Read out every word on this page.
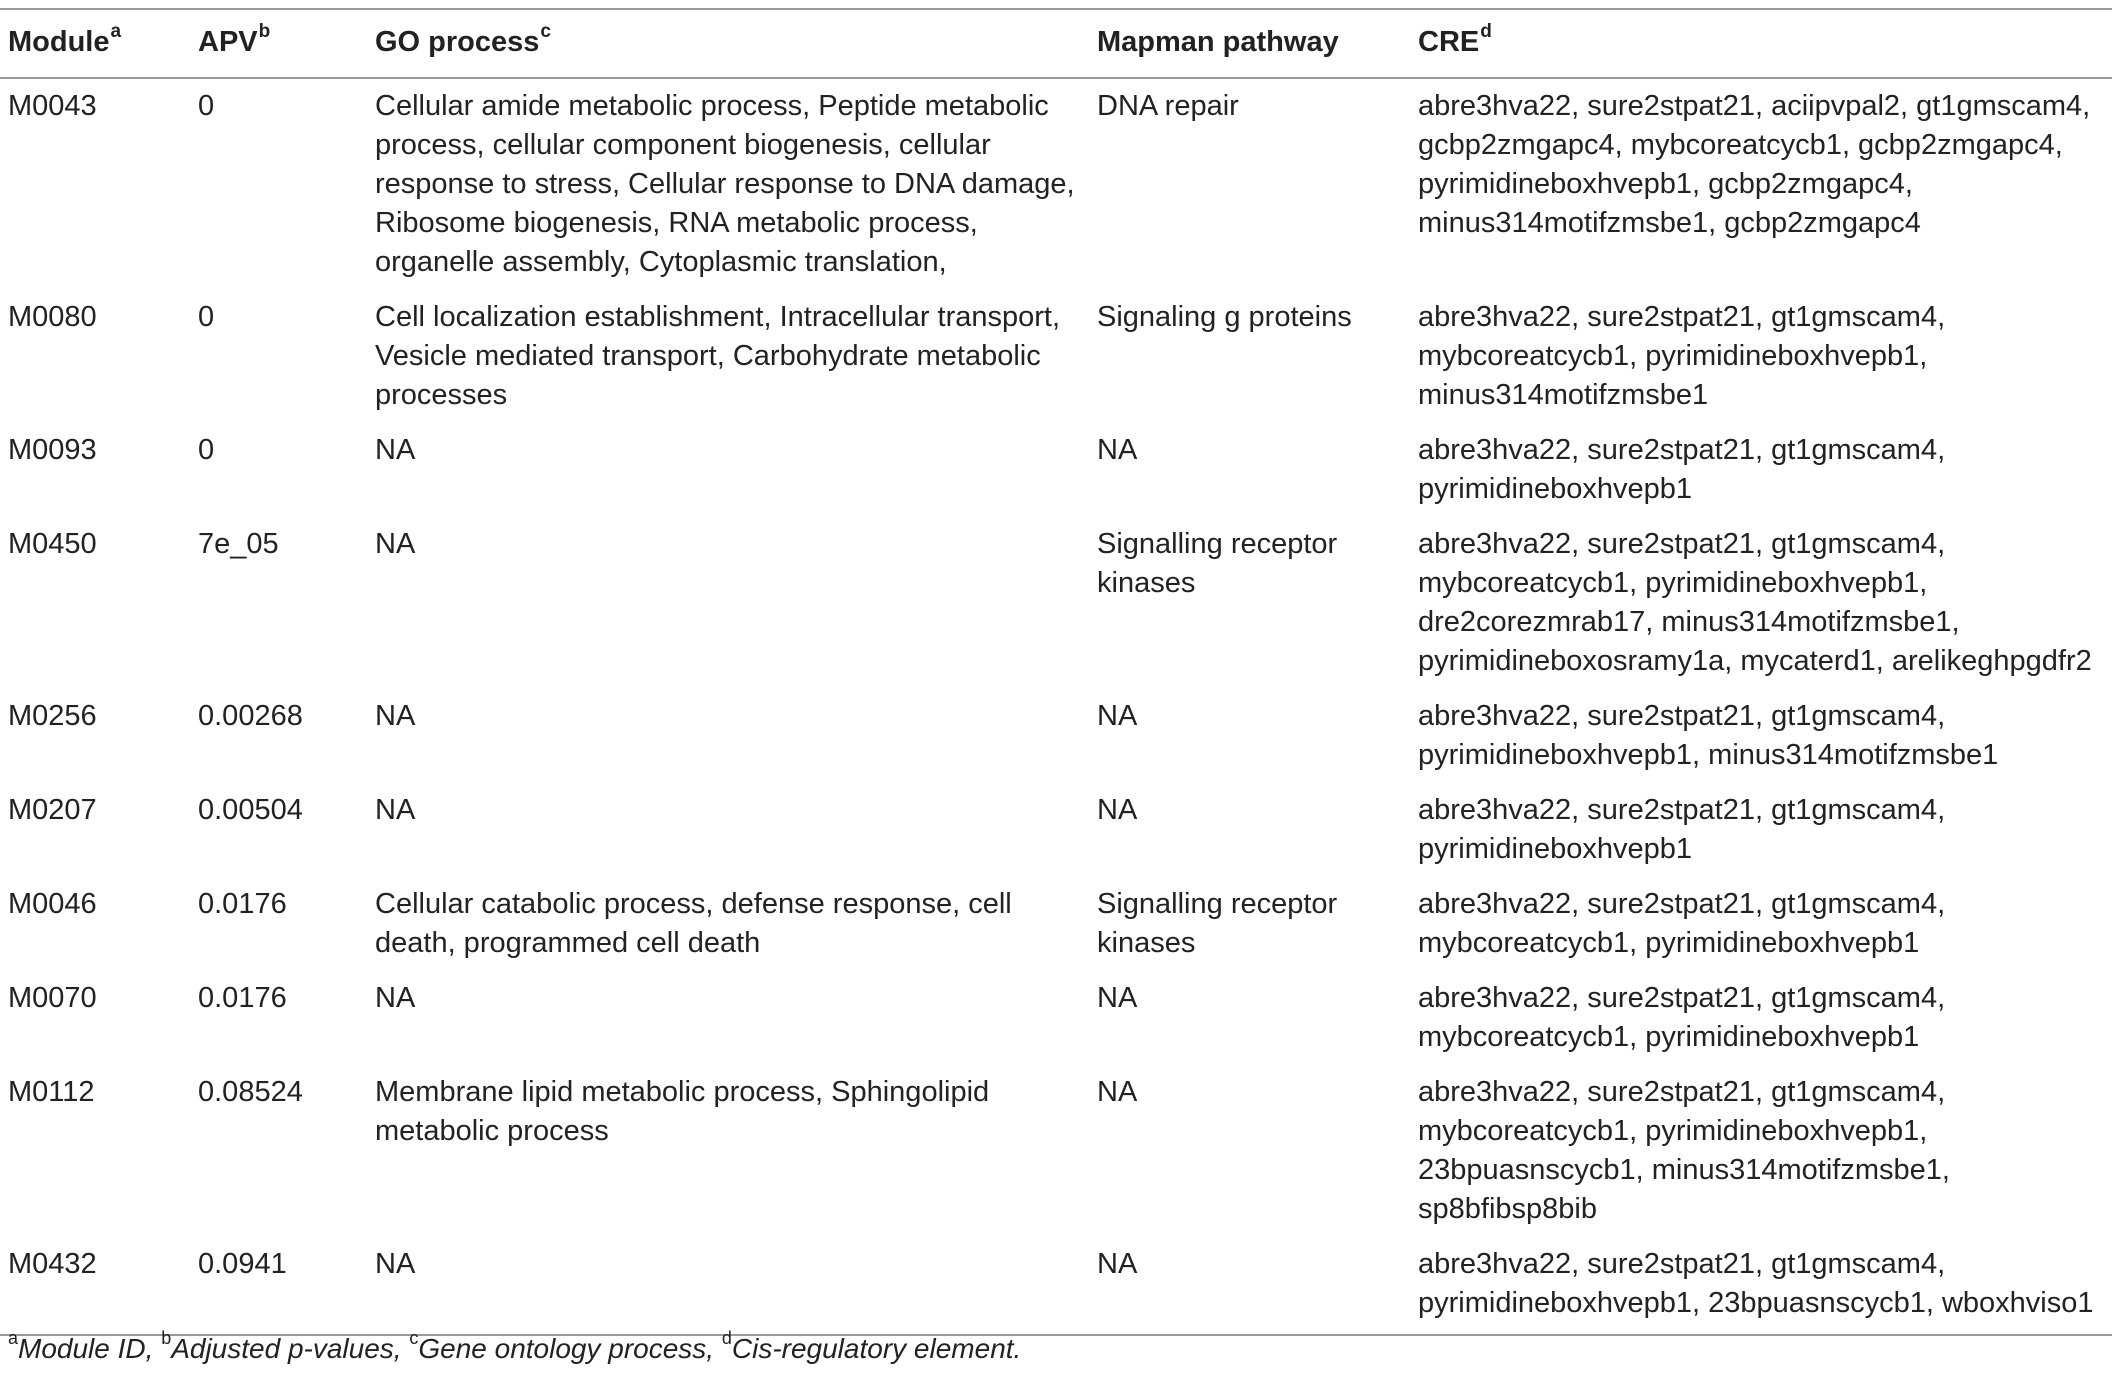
Module$^a$	APV$^b$	GO process$^c$	Mapman pathway	CRE$^d$
M0043	0	Cellular amide metabolic process, Peptide metabolic process, cellular component biogenesis, cellular response to stress, Cellular response to DNA damage, Ribosome biogenesis, RNA metabolic process, organelle assembly, Cytoplasmic translation,	DNA repair	abre3hva22, sure2stpat21, aciipvpal2, gt1gmscam4, gcbp2zmgapc4, mybcoreatcycb1, gcbp2zmgapc4, pyrimidineboxhvepb1, gcbp2zmgapc4, minus314motifzmsbe1, gcbp2zmgapc4
M0080	0	Cell localization establishment, Intracellular transport, Vesicle mediated transport, Carbohydrate metabolic processes	Signaling g proteins	abre3hva22, sure2stpat21, gt1gmscam4, mybcoreatcycb1, pyrimidineboxhvepb1, minus314motifzmsbe1
M0093	0	NA	NA	abre3hva22, sure2stpat21, gt1gmscam4, pyrimidineboxhvepb1
M0450	7e_05	NA	Signalling receptor kinases	abre3hva22, sure2stpat21, gt1gmscam4, mybcoreatcycb1, pyrimidineboxhvepb1, dre2corezmrab17, minus314motifzmsbe1, pyrimidineboxosramy1a, mycaterd1, arelikeghpgdfr2
M0256	0.00268	NA	NA	abre3hva22, sure2stpat21, gt1gmscam4, pyrimidineboxhvepb1, minus314motifzmsbe1
M0207	0.00504	NA	NA	abre3hva22, sure2stpat21, gt1gmscam4, pyrimidineboxhvepb1
M0046	0.0176	Cellular catabolic process, defense response, cell death, programmed cell death	Signalling receptor kinases	abre3hva22, sure2stpat21, gt1gmscam4, mybcoreatcycb1, pyrimidineboxhvepb1
M0070	0.0176	NA	NA	abre3hva22, sure2stpat21, gt1gmscam4, mybcoreatcycb1, pyrimidineboxhvepb1
M0112	0.08524	Membrane lipid metabolic process, Sphingolipid metabolic process	NA	abre3hva22, sure2stpat21, gt1gmscam4, mybcoreatcycb1, pyrimidineboxhvepb1, 23bpuasnscycb1, minus314motifzmsbe1, sp8bfibsp8bib
M0432	0.0941	NA	NA	abre3hva22, sure2stpat21, gt1gmscam4, pyrimidineboxhvepb1, 23bpuasnscycb1, wboxhviso1
$^a$Module ID, $^b$Adjusted p-values, $^c$Gene ontology process, $^d$Cis-regulatory element.
